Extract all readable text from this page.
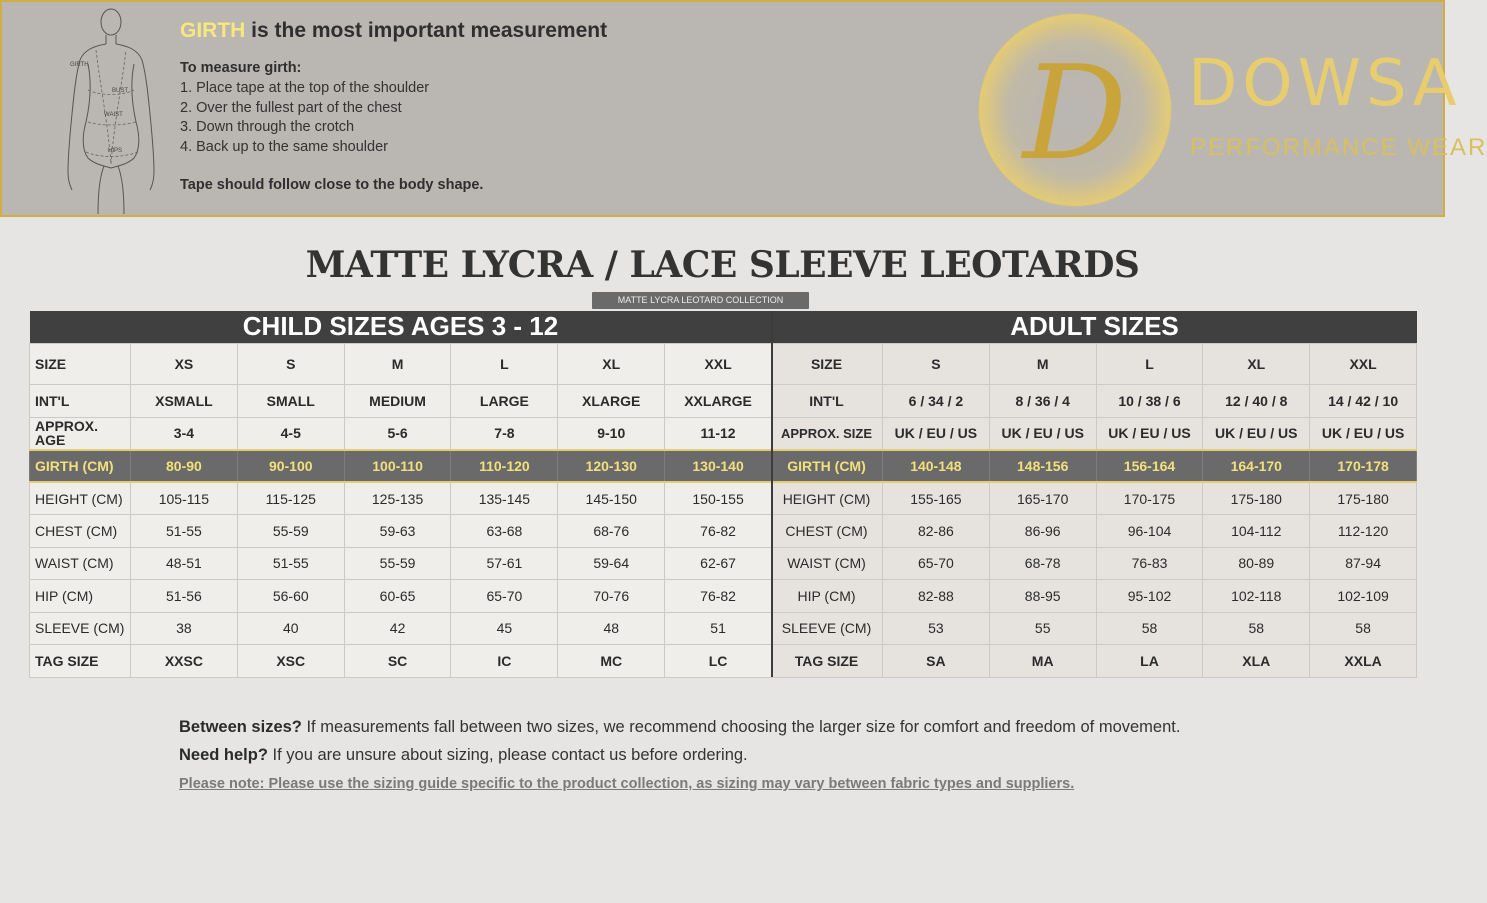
GIRTH
BUST
WAIST
HIPS
GIRTH is the most important measurement
To measure girth:
1. Place tape at the top of the shoulder
2. Over the fullest part of the chest
3. Down through the crotch
4. Back up to the same shoulder
Tape should follow close to the body shape.	D DOWSA
PERFORMANCE WEAR
MATTE LYCRA / LACE SLEEVE LEOTARDS
MATTE LYCRA LEOTARD COLLECTION
CHILD SIZES AGES 3 - 12						
SIZE	XS	S	M	L	XL	XXL
INT'L	XSMALL	SMALL	MEDIUM	LARGE	XLARGE	XXLARGE
APPROX. AGE	3-4	4-5	5-6	7-8	9-10	11-12
GIRTH (CM)	80-90	90-100	100-110	110-120	120-130	130-140
HEIGHT (CM)	105-115	115-125	125-135	135-145	145-150	150-155
CHEST (CM)	51-55	55-59	59-63	63-68	68-76	76-82
WAIST (CM)	48-51	51-55	55-59	57-61	59-64	62-67
HIP (CM)	51-56	56-60	60-65	65-70	70-76	76-82
SLEEVE (CM)	38	40	42	45	48	51
TAG SIZE	XXSC	XSC	SC	IC	MC	LC
ADULT SIZES					
SIZE	S	M	L	XL	XXL
INT'L	6 / 34 / 2	8 / 36 / 4	10 / 38 / 6	12 / 40 / 8	14 / 42 / 10
APPROX. SIZE	UK / EU / US	UK / EU / US	UK / EU / US	UK / EU / US	UK / EU / US
GIRTH (CM)	140-148	148-156	156-164	164-170	170-178
HEIGHT (CM)	155-165	165-170	170-175	175-180	175-180
CHEST (CM)	82-86	86-96	96-104	104-112	112-120
WAIST (CM)	65-70	68-78	76-83	80-89	87-94
HIP (CM)	82-88	88-95	95-102	102-118	102-109
SLEEVE (CM)	53	55	58	58	58
TAG SIZE	SA	MA	LA	XLA	XXLA
Between sizes? If measurements fall between two sizes, we recommend choosing the larger size for comfort and freedom of movement.
Need help? If you are unsure about sizing, please contact us before ordering.
Please note: Please use the sizing guide specific to the product collection, as sizing may vary between fabric types and suppliers.
